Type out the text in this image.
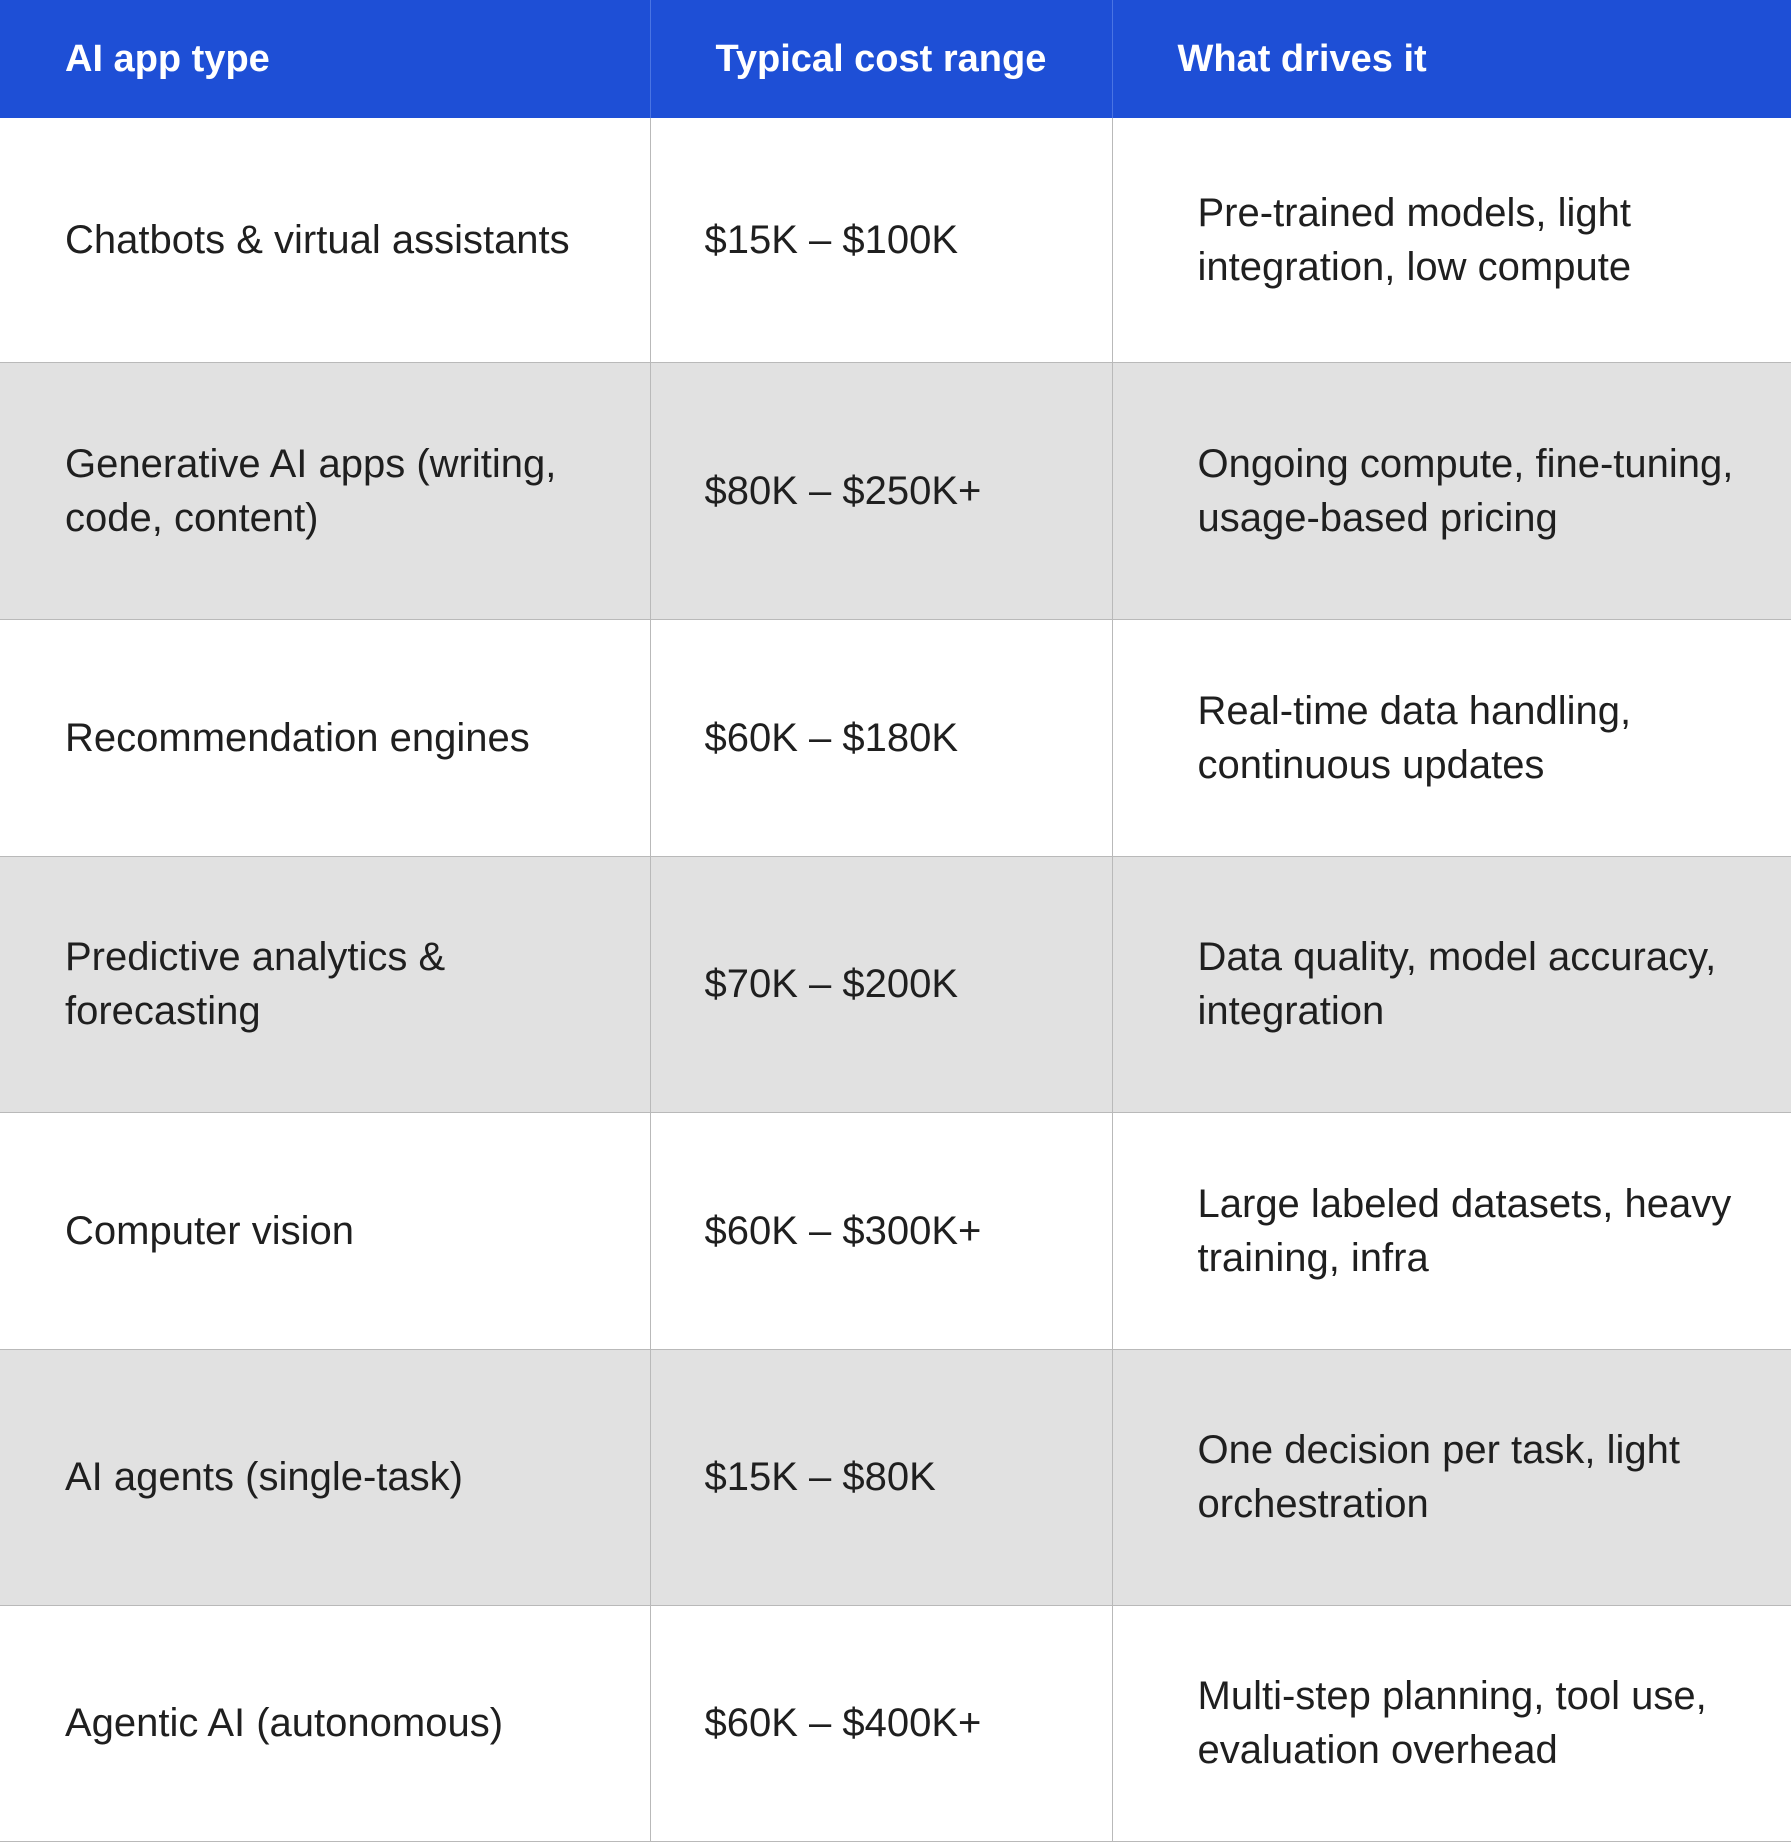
AI app type	Typical cost range	What drives it
Chatbots & virtual assistants	$15K – $100K	Pre-trained models, light integration, low compute
Generative AI apps (writing, code, content)	$80K – $250K+	Ongoing compute, fine-tuning, usage-based pricing
Recommendation engines	$60K – $180K	Real-time data handling, continuous updates
Predictive analytics & forecasting	$70K – $200K	Data quality, model accuracy, integration
Computer vision	$60K – $300K+	Large labeled datasets, heavy training, infra
AI agents (single-task)	$15K – $80K	One decision per task, light orchestration
Agentic AI (autonomous)	$60K – $400K+	Multi-step planning, tool use, evaluation overhead
